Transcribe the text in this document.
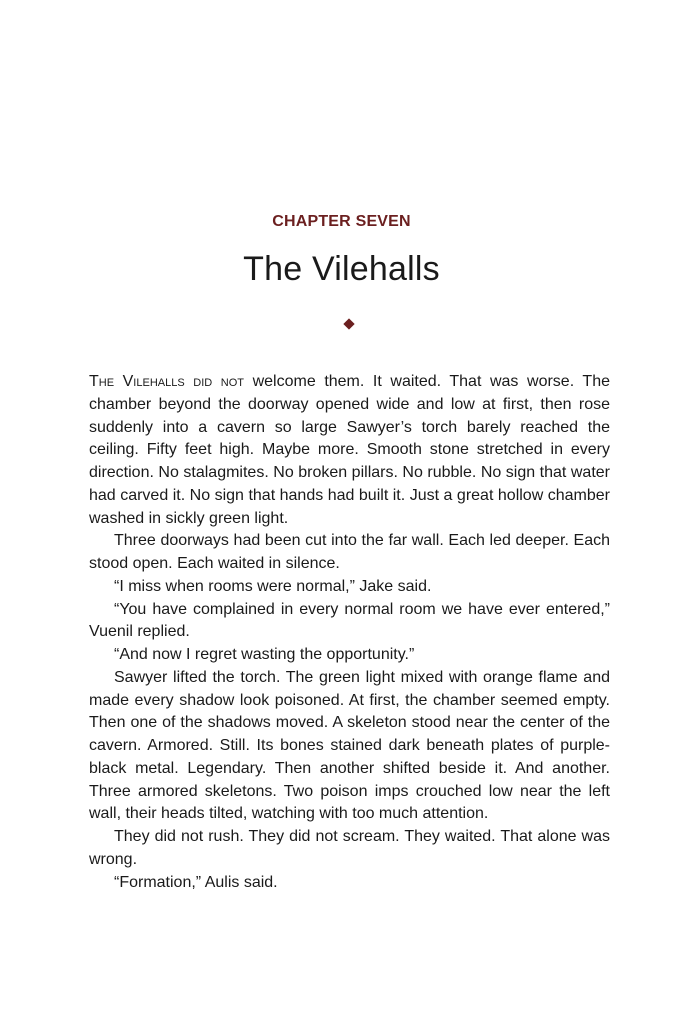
CHAPTER SEVEN
The Vilehalls

The Vilehalls did not welcome them. It waited. That was worse. The chamber beyond the doorway opened wide and low at first, then rose suddenly into a cavern so large Sawyer’s torch barely reached the ceiling. Fifty feet high. Maybe more. Smooth stone stretched in every direction. No stalagmites. No broken pillars. No rubble. No sign that water had carved it. No sign that hands had built it. Just a great hollow chamber washed in sickly green light.

Three doorways had been cut into the far wall. Each led deeper. Each stood open. Each waited in silence.

“I miss when rooms were normal,” Jake said.

“You have complained in every normal room we have ever entered,” Vuenil replied.

“And now I regret wasting the opportunity.”

Sawyer lifted the torch. The green light mixed with orange flame and made every shadow look poisoned. At first, the chamber seemed empty. Then one of the shadows moved. A skeleton stood near the center of the cavern. Armored. Still. Its bones stained dark beneath plates of purple-black metal. Legendary. Then another shifted beside it. And another. Three armored skeletons. Two poison imps crouched low near the left wall, their heads tilted, watching with too much attention.

They did not rush. They did not scream. They waited. That alone was wrong.

“Formation,” Aulis said.
